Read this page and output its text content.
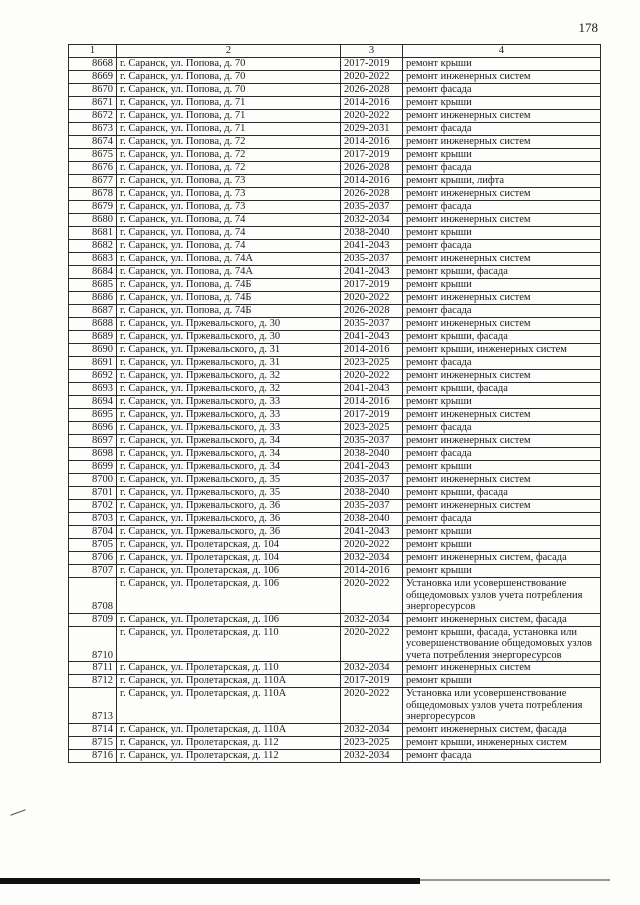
178
1	2	3	4
8668	г. Саранск, ул. Попова, д. 70	2017-2019	ремонт крыши
8669	г. Саранск, ул. Попова, д. 70	2020-2022	ремонт инженерных систем
8670	г. Саранск, ул. Попова, д. 70	2026-2028	ремонт фасада
8671	г. Саранск, ул. Попова, д. 71	2014-2016	ремонт крыши
8672	г. Саранск, ул. Попова, д. 71	2020-2022	ремонт инженерных систем
8673	г. Саранск, ул. Попова, д. 71	2029-2031	ремонт фасада
8674	г. Саранск, ул. Попова, д. 72	2014-2016	ремонт инженерных систем
8675	г. Саранск, ул. Попова, д. 72	2017-2019	ремонт крыши
8676	г. Саранск, ул. Попова, д. 72	2026-2028	ремонт фасада
8677	г. Саранск, ул. Попова, д. 73	2014-2016	ремонт крыши, лифта
8678	г. Саранск, ул. Попова, д. 73	2026-2028	ремонт инженерных систем
8679	г. Саранск, ул. Попова, д. 73	2035-2037	ремонт фасада
8680	г. Саранск, ул. Попова, д. 74	2032-2034	ремонт инженерных систем
8681	г. Саранск, ул. Попова, д. 74	2038-2040	ремонт крыши
8682	г. Саранск, ул. Попова, д. 74	2041-2043	ремонт фасада
8683	г. Саранск, ул. Попова, д. 74А	2035-2037	ремонт инженерных систем
8684	г. Саранск, ул. Попова, д. 74А	2041-2043	ремонт крыши, фасада
8685	г. Саранск, ул. Попова, д. 74Б	2017-2019	ремонт крыши
8686	г. Саранск, ул. Попова, д. 74Б	2020-2022	ремонт инженерных систем
8687	г. Саранск, ул. Попова, д. 74Б	2026-2028	ремонт фасада
8688	г. Саранск, ул. Пржевальского, д. 30	2035-2037	ремонт инженерных систем
8689	г. Саранск, ул. Пржевальского, д. 30	2041-2043	ремонт крыши, фасада
8690	г. Саранск, ул. Пржевальского, д. 31	2014-2016	ремонт крыши, инженерных систем
8691	г. Саранск, ул. Пржевальского, д. 31	2023-2025	ремонт фасада
8692	г. Саранск, ул. Пржевальского, д. 32	2020-2022	ремонт инженерных систем
8693	г. Саранск, ул. Пржевальского, д. 32	2041-2043	ремонт крыши, фасада
8694	г. Саранск, ул. Пржевальского, д. 33	2014-2016	ремонт крыши
8695	г. Саранск, ул. Пржевальского, д. 33	2017-2019	ремонт инженерных систем
8696	г. Саранск, ул. Пржевальского, д. 33	2023-2025	ремонт фасада
8697	г. Саранск, ул. Пржевальского, д. 34	2035-2037	ремонт инженерных систем
8698	г. Саранск, ул. Пржевальского, д. 34	2038-2040	ремонт фасада
8699	г. Саранск, ул. Пржевальского, д. 34	2041-2043	ремонт крыши
8700	г. Саранск, ул. Пржевальского, д. 35	2035-2037	ремонт инженерных систем
8701	г. Саранск, ул. Пржевальского, д. 35	2038-2040	ремонт крыши, фасада
8702	г. Саранск, ул. Пржевальского, д. 36	2035-2037	ремонт инженерных систем
8703	г. Саранск, ул. Пржевальского, д. 36	2038-2040	ремонт фасада
8704	г. Саранск, ул. Пржевальского, д. 36	2041-2043	ремонт крыши
8705	г. Саранск, ул. Пролетарская, д. 104	2020-2022	ремонт крыши
8706	г. Саранск, ул. Пролетарская, д. 104	2032-2034	ремонт инженерных систем, фасада
8707	г. Саранск, ул. Пролетарская, д. 106	2014-2016	ремонт крыши
8708	г. Саранск, ул. Пролетарская, д. 106	2020-2022	Установка или усовершенствование общедомовых узлов учета потребления энергоресурсов
8709	г. Саранск, ул. Пролетарская, д. 106	2032-2034	ремонт инженерных систем, фасада
8710	г. Саранск, ул. Пролетарская, д. 110	2020-2022	ремонт крыши, фасада, установка или усовершенствование общедомовых узлов учета потребления энергоресурсов
8711	г. Саранск, ул. Пролетарская, д. 110	2032-2034	ремонт инженерных систем
8712	г. Саранск, ул. Пролетарская, д. 110А	2017-2019	ремонт крыши
8713	г. Саранск, ул. Пролетарская, д. 110А	2020-2022	Установка или усовершенствование общедомовых узлов учета потребления энергоресурсов
8714	г. Саранск, ул. Пролетарская, д. 110А	2032-2034	ремонт инженерных систем, фасада
8715	г. Саранск, ул. Пролетарская, д. 112	2023-2025	ремонт крыши, инженерных систем
8716	г. Саранск, ул. Пролетарская, д. 112	2032-2034	ремонт фасада
